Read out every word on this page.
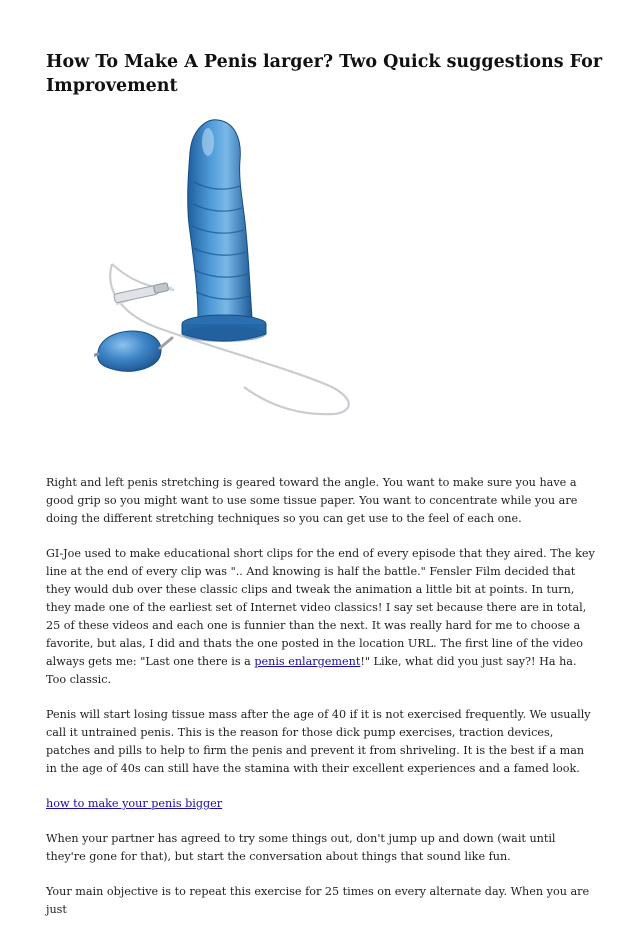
How To Make A Penis larger? Two Quick suggestions For Improvement

Right and left penis stretching is geared toward the angle. You want to make sure you have a good grip so you might want to use some tissue paper. You want to concentrate while you are doing the different stretching techniques so you can get use to the feel of each one.

GI-Joe used to make educational short clips for the end of every episode that they aired. The key line at the end of every clip was ".. And knowing is half the battle." Fensler Film decided that they would dub over these classic clips and tweak the animation a little bit at points. In turn, they made one of the earliest set of Internet video classics! I say set because there are in total, 25 of these videos and each one is funnier than the next. It was really hard for me to choose a favorite, but alas, I did and thats the one posted in the location URL. The first line of the video always gets me: "Last one there is a penis enlargement!" Like, what did you just say?! Ha ha. Too classic.

Penis will start losing tissue mass after the age of 40 if it is not exercised frequently. We usually call it untrained penis. This is the reason for those dick pump exercises, traction devices, patches and pills to help to firm the penis and prevent it from shriveling. It is the best if a man in the age of 40s can still have the stamina with their excellent experiences and a famed look.

how to make your penis bigger

When your partner has agreed to try some things out, don't jump up and down (wait until they're gone for that), but start the conversation about things that sound like fun.

Your main objective is to repeat this exercise for 25 times on every alternate day. When you are just
